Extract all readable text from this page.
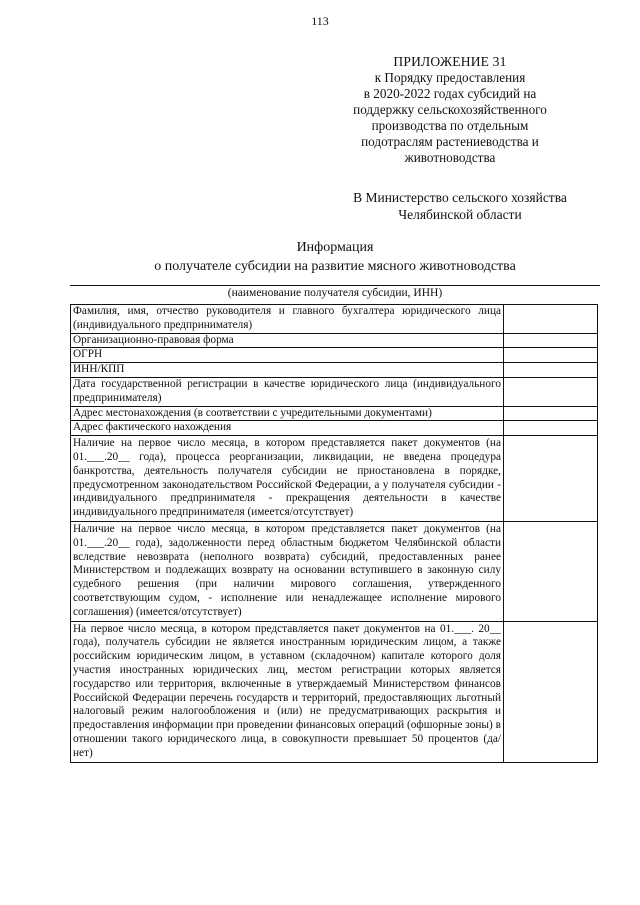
113
ПРИЛОЖЕНИЕ 31
к Порядку предоставления
в 2020-2022 годах субсидий на
поддержку сельскохозяйственного
производства по отдельным
подотраслям растениеводства и
животноводства
В Министерство сельского хозяйства
Челябинской области
Информация
о получателе субсидии на развитие мясного животноводства
(наименование получателя субсидии, ИНН)
Фамилия, имя, отчество руководителя и главного бухгалтера юридического лица (индивидуального предпринимателя)	
Организационно-правовая форма	
ОГРН	
ИНН/КПП	
Дата государственной регистрации в качестве юридического лица (индивидуального предпринимателя)	
Адрес местонахождения (в соответствии с учредительными документами)	
Адрес фактического нахождения	
Наличие на первое число месяца, в котором представляется пакет документов (на 01.___.20__ года), процесса реорганизации, ликвидации, не введена процедура банкротства, деятельность получателя субсидии не приостановлена в порядке, предусмотренном законодательством Российской Федерации, а у получателя субсидии - индивидуального предпринимателя - прекращения деятельности в качестве индивидуального предпринимателя (имеется/отсутствует)	
Наличие на первое число месяца, в котором представляется пакет документов (на 01.___.20__ года), задолженности перед областным бюджетом Челябинской области вследствие невозврата (неполного возврата) субсидий, предоставленных ранее Министерством и подлежащих возврату на основании вступившего в законную силу судебного решения (при наличии мирового соглашения, утвержденного соответствующим судом, - исполнение или ненадлежащее исполнение мирового соглашения) (имеется/отсутствует)	
На первое число месяца, в котором представляется пакет документов на 01.___. 20__ года), получатель субсидии не является иностранным юридическим лицом, а также российским юридическим лицом, в уставном (складочном) капитале которого доля участия иностранных юридических лиц, местом регистрации которых является государство или территория, включенные в утверждаемый Министерством финансов Российской Федерации перечень государств и территорий, предоставляющих льготный налоговый режим налогообложения и (или) не предусматривающих раскрытия и предоставления информации при проведении финансовых операций (офшорные зоны) в отношении такого юридического лица, в совокупности превышает 50 процентов (да/нет)	
